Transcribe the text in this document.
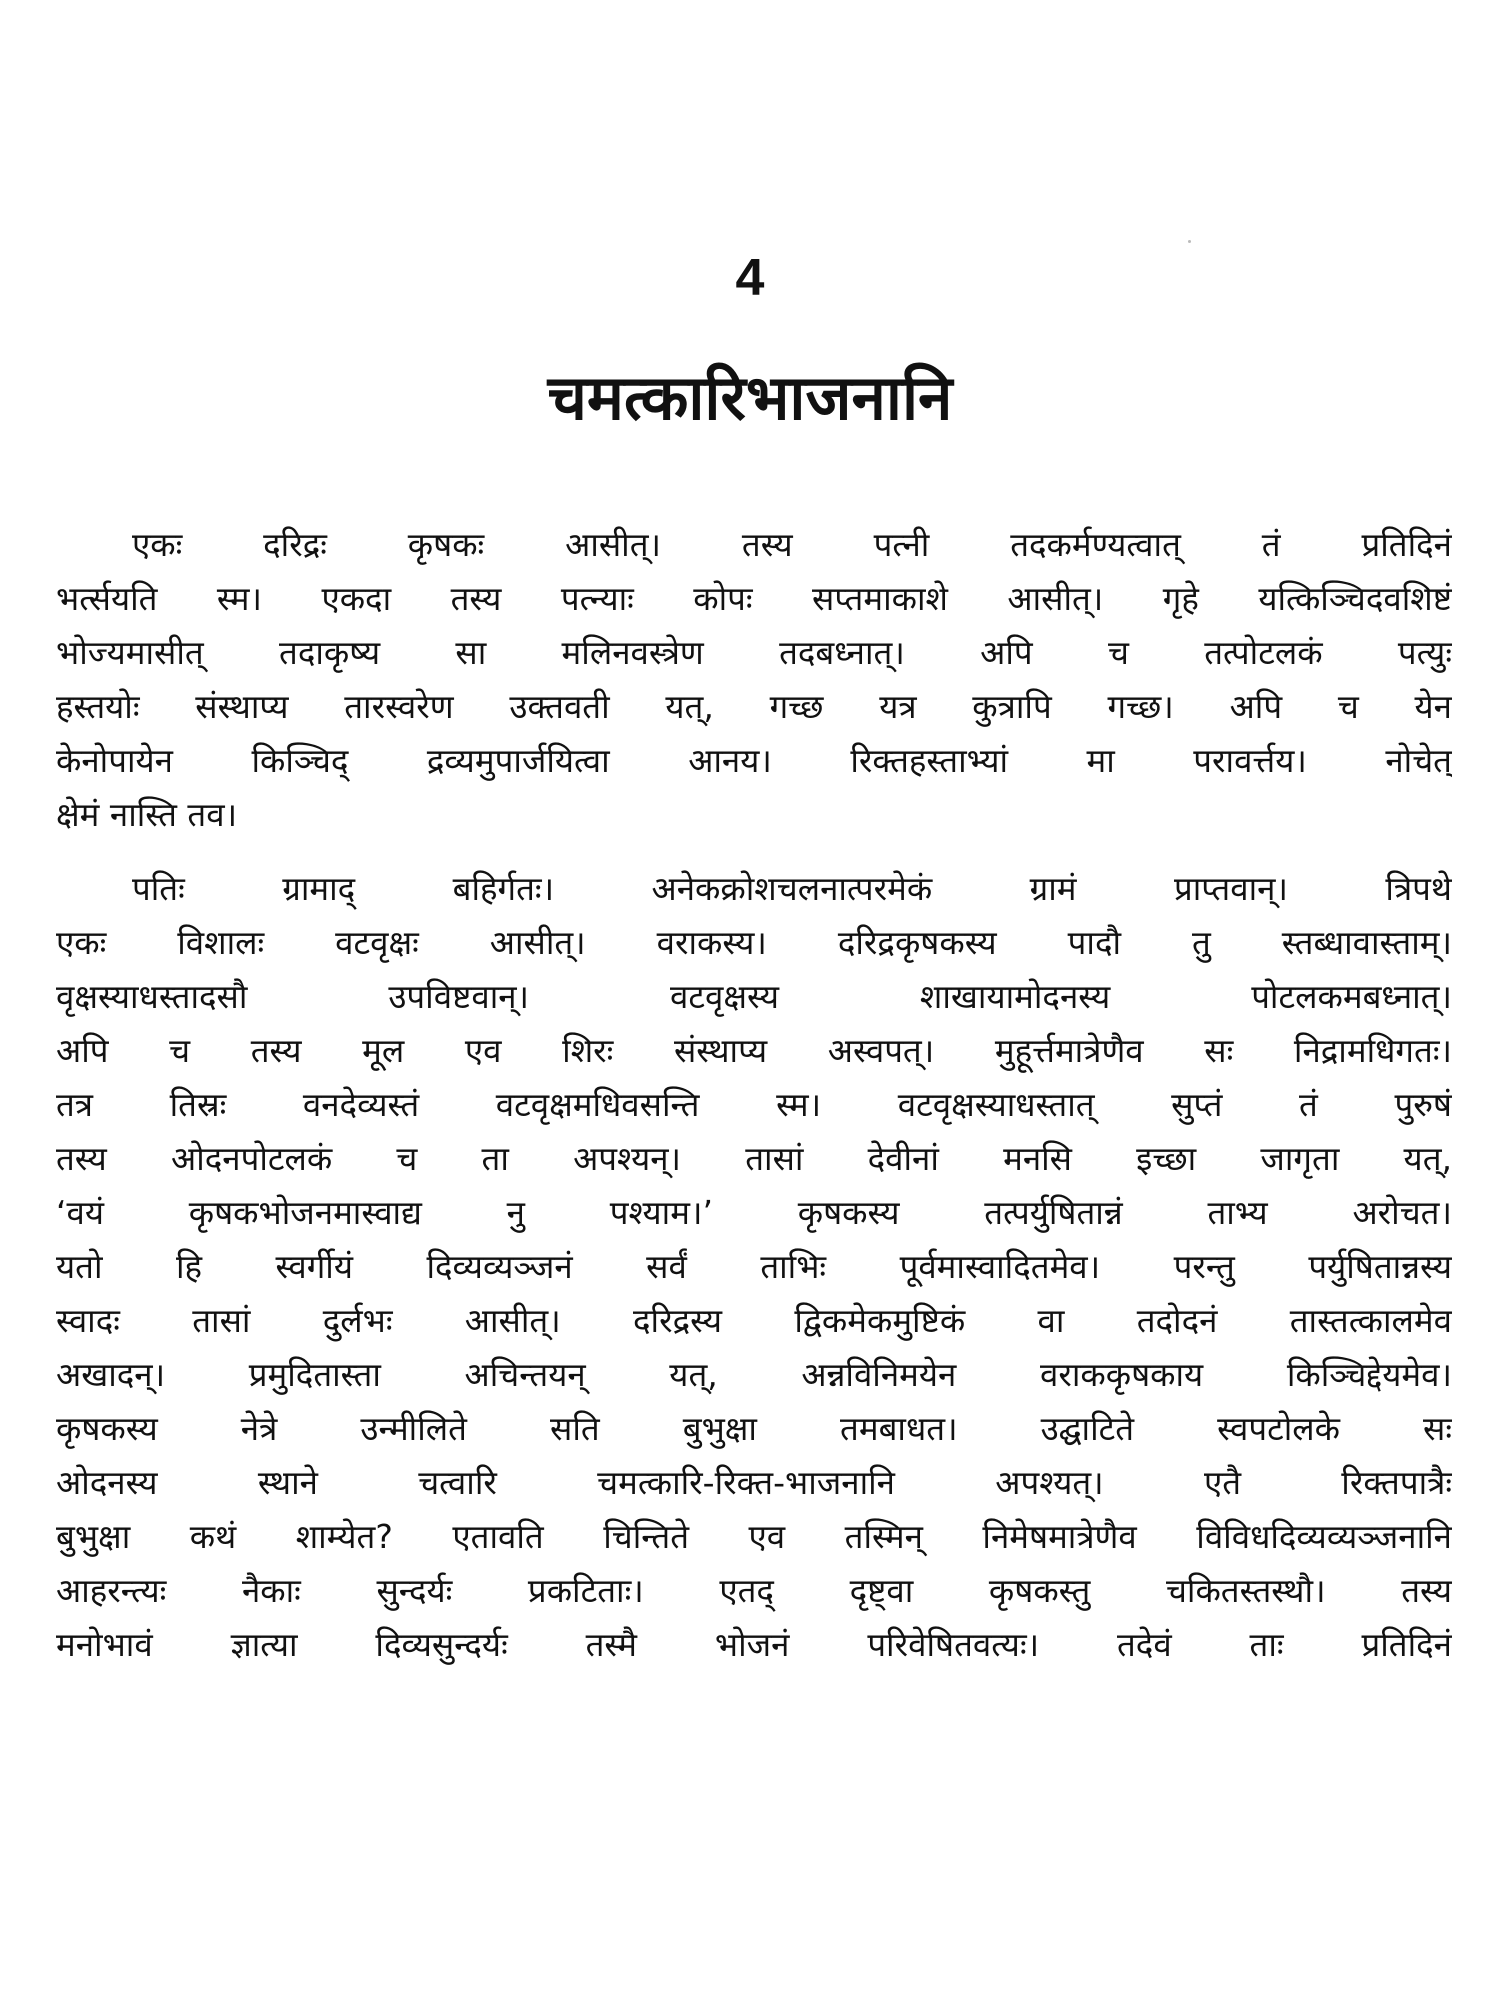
4
चमत्कारिभाजनानि

एकः दरिद्रः कृषकः आसीत्। तस्य पत्नी तदकर्मण्यत्वात् तं प्रतिदिनं
भर्त्सयति स्म। एकदा तस्य पत्न्याः कोपः सप्तमाकाशे आसीत्। गृहे यत्किञ्चिदवशिष्टं
भोज्यमासीत् तदाकृष्य सा मलिनवस्त्रेण तदबध्नात्। अपि च तत्पोटलकं पत्युः
हस्तयोः संस्थाप्य तारस्वरेण उक्तवती यत्, गच्छ यत्र कुत्रापि गच्छ। अपि च येन
केनोपायेन किञ्चिद् द्रव्यमुपार्जयित्वा आनय। रिक्तहस्ताभ्यां मा परावर्त्तय। नोचेत्
क्षेमं नास्ति तव।

पतिः ग्रामाद् बहिर्गतः। अनेकक्रोशचलनात्परमेकं ग्रामं प्राप्तवान्। त्रिपथे
एकः विशालः वटवृक्षः आसीत्। वराकस्य। दरिद्रकृषकस्य पादौ तु स्तब्धावास्ताम्।
वृक्षस्याधस्तादसौ उपविष्टवान्। वटवृक्षस्य शाखायामोदनस्य पोटलकमबध्नात्।
अपि च तस्य मूल एव शिरः संस्थाप्य अस्वपत्। मुहूर्त्तमात्रेणैव सः निद्रामधिगतः।
तत्र तिस्रः वनदेव्यस्तं वटवृक्षमधिवसन्ति स्म। वटवृक्षस्याधस्तात् सुप्तं तं पुरुषं
तस्य ओदनपोटलकं च ता अपश्यन्। तासां देवीनां मनसि इच्छा जागृता यत्,
‘वयं कृषकभोजनमास्वाद्य नु पश्याम।’ कृषकस्य तत्पर्युषितान्नं ताभ्य अरोचत।
यतो हि स्वर्गीयं दिव्यव्यञ्जनं सर्वं ताभिः पूर्वमास्वादितमेव। परन्तु पर्युषितान्नस्य
स्वादः तासां दुर्लभः आसीत्। दरिद्रस्य द्विकमेकमुष्टिकं वा तदोदनं तास्तत्कालमेव
अखादन्। प्रमुदितास्ता अचिन्तयन् यत्, अन्नविनिमयेन वराककृषकाय किञ्चिद्देयमेव।
कृषकस्य नेत्रे उन्मीलिते सति बुभुक्षा तमबाधत। उद्घाटिते स्वपटोलके सः
ओदनस्य स्थाने चत्वारि चमत्कारि-रिक्त-भाजनानि अपश्यत्। एतै रिक्तपात्रैः
बुभुक्षा कथं शाम्येत? एतावति चिन्तिते एव तस्मिन् निमेषमात्रेणैव विविधदिव्यव्यञ्जनानि
आहरन्त्यः नैकाः सुन्दर्यः प्रकटिताः। एतद् दृष्ट्वा कृषकस्तु चकितस्तस्थौ। तस्य
मनोभावं ज्ञात्या दिव्यसुन्दर्यः तस्मै भोजनं परिवेषितवत्यः। तदेवं ताः प्रतिदिनं
